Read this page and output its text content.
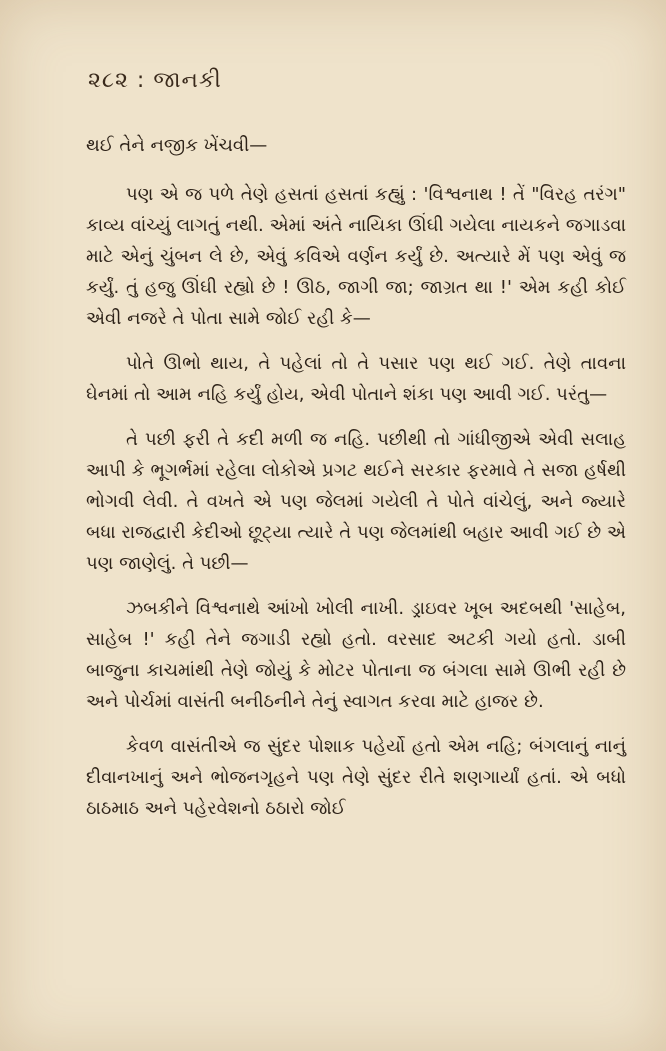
૨૮૨ : જાનકી

થઈ તેને નજીક ખેંચવી—

પણ એ જ પળે તેણે હસતાં હસતાં કહ્યું : 'વિશ્વનાથ ! તેં "વિરહ તરંગ" કાવ્ય વાંચ્યું લાગતું નથી. એમાં અંતે નાયિકા ઊંઘી ગયેલા નાયકને જગાડવા માટે એનું ચુંબન લે છે, એવું કવિએ વર્ણન કર્યું છે. અત્યારે મેં પણ એવું જ કર્યું. તું હજુ ઊંઘી રહ્યો છે ! ઊઠ, જાગી જા; જાગ્રત થા !' એમ કહી કોઈ એવી નજરે તે પોતા સામે જોઈ રહી કે—

પોતે ઊભો થાય, તે પહેલાં તો તે પસાર પણ થઈ ગઈ. તેણે તાવના ઘેનમાં તો આમ નહિ કર્યું હોય, એવી પોતાને શંકા પણ આવી ગઈ. પરંતુ—

તે પછી ફરી તે કદી મળી જ નહિ. પછીથી તો ગાંધીજીએ એવી સલાહ આપી કે ભૂગર્ભમાં રહેલા લોકોએ પ્રગટ થઈને સરકાર ફરમાવે તે સજા હર્ષથી ભોગવી લેવી. તે વખતે એ પણ જેલમાં ગયેલી તે પોતે વાંચેલું, અને જ્યારે બધા રાજદ્વારી કેદીઓ છૂટ્યા ત્યારે તે પણ જેલમાંથી બહાર આવી ગઈ છે એ પણ જાણેલું. તે પછી—

ઝબકીને વિશ્વનાથે આંખો ખોલી નાખી. ડ્રાઇવર ખૂબ અદબથી 'સાહેબ, સાહેબ !' કહી તેને જગાડી રહ્યો હતો. વરસાદ અટકી ગયો હતો. ડાબી બાજુના કાચમાંથી તેણે જોયું કે મોટર પોતાના જ બંગલા સામે ઊભી રહી છે અને પોર્ચમાં વાસંતી બનીઠનીને તેનું સ્વાગત કરવા માટે હાજર છે.

કેવળ વાસંતીએ જ સુંદર પોશાક પહેર્યો હતો એમ નહિ; બંગલાનું નાનું દીવાનખાનું અને ભોજનગૃહને પણ તેણે સુંદર રીતે શણગાર્યાં હતાં. એ બધો ઠાઠમાઠ અને પહેરવેશનો ઠઠારો જોઈ
